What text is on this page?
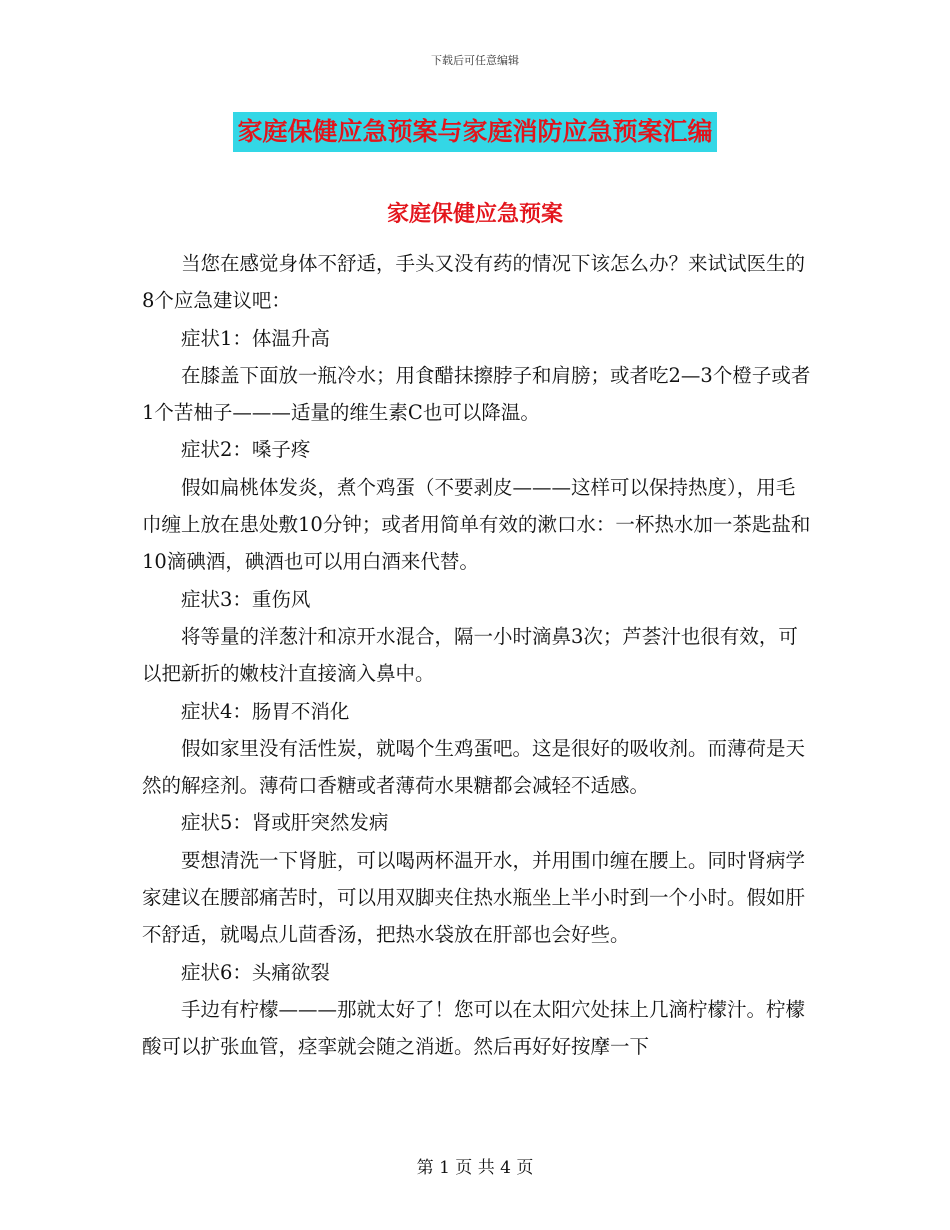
下载后可任意编辑
家庭保健应急预案与家庭消防应急预案汇编
家庭保健应急预案

当您在感觉身体不舒适，手头又没有药的情况下该怎么办？来试试医生的8个应急建议吧：

症状1：体温升高

在膝盖下面放一瓶冷水；用食醋抹擦脖子和肩膀；或者吃2—3个橙子或者1个苦柚子———适量的维生素C也可以降温。

症状2：嗓子疼

假如扁桃体发炎，煮个鸡蛋（不要剥皮———这样可以保持热度），用毛巾缠上放在患处敷10分钟；或者用简单有效的漱口水：一杯热水加一茶匙盐和10滴碘酒，碘酒也可以用白酒来代替。

症状3：重伤风

将等量的洋葱汁和凉开水混合，隔一小时滴鼻3次；芦荟汁也很有效，可以把新折的嫩枝汁直接滴入鼻中。

症状4：肠胃不消化

假如家里没有活性炭，就喝个生鸡蛋吧。这是很好的吸收剂。而薄荷是天然的解痉剂。薄荷口香糖或者薄荷水果糖都会减轻不适感。

症状5：肾或肝突然发病

要想清洗一下肾脏，可以喝两杯温开水，并用围巾缠在腰上。同时肾病学家建议在腰部痛苦时，可以用双脚夹住热水瓶坐上半小时到一个小时。假如肝不舒适，就喝点儿茴香汤，把热水袋放在肝部也会好些。

症状6：头痛欲裂

手边有柠檬———那就太好了！您可以在太阳穴处抹上几滴柠檬汁。柠檬酸可以扩张血管，痉挛就会随之消逝。然后再好好按摩一下

第 1 页 共 4 页
